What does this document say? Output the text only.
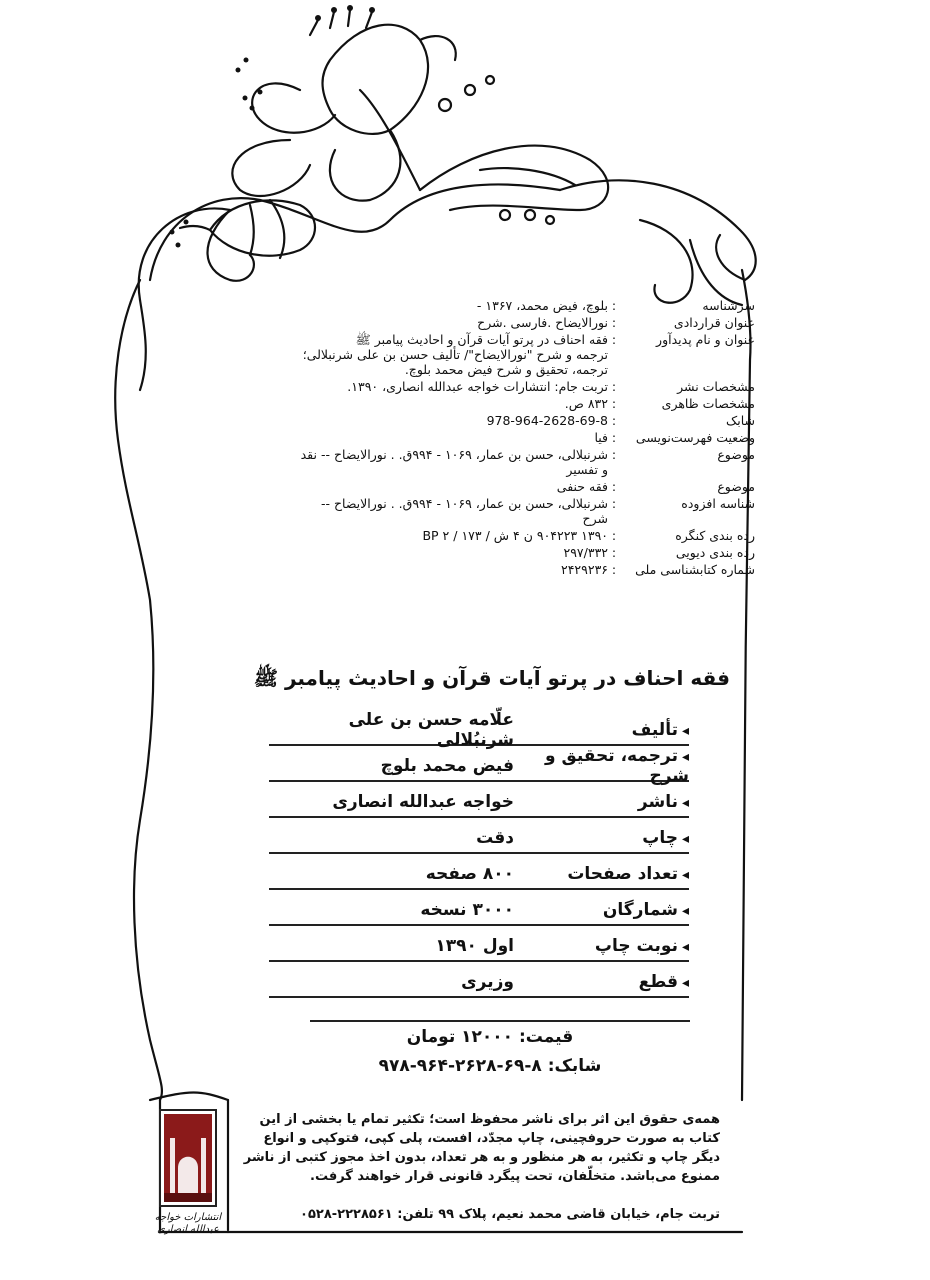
سرشناسه
:
بلوچ، فیض محمد، ۱۳۶۷ -
عنوان قراردادی
:
نورالایضاح .فارسی .شرح
عنوان و نام پدیدآور
:
فقه احناف در پرتو آیات قرآن و احادیث پیامبر ﷺ
ترجمه و شرح "نورالایضاح"/ تألیف حسن بن علی شرنبلالی؛
ترجمه، تحقیق و شرح فیض محمد بلوچ.
مشخصات نشر
:
تربت جام: انتشارات خواجه عبدالله انصاری، ۱۳۹۰.
مشخصات ظاهری
:
۸۳۲ ص.
شابک
:
978-964-2628-69-8
وضعیت فهرست‌نویسی
:
فیا
موضوع
:
شرنبلالی، حسن بن عمار، ۱۰۶۹ - ۹۹۴ق. . نورالایضاح -- نقد
و تفسیر
موضوع
:
فقه حنفی
شناسه افزوده
:
شرنبلالی، حسن بن عمار، ۱۰۶۹ - ۹۹۴ق. . نورالایضاح --
شرح
رده بندی کنگره
:
۱۳۹۰ ۹۰۴۲۲۳ ن ۴ ش / ۱۷۳ / BP ۲
رده بندی دیویی
:
۲۹۷/۳۳۲
شماره کتابشناسی ملی
:
۲۴۲۹۲۳۶
فقه احناف در پرتو آیات قرآن و احادیث پیامبر ﷺ
◂تألیف
علّامه حسن بن علی شرنبُلالی
◂ترجمه، تحقیق و شرح
فیض محمد بلوچ
◂ناشر
خواجه عبدالله انصاری
◂چاپ
دقت
◂تعداد صفحات
۸۰۰ صفحه
◂شمارگان
۳۰۰۰ نسخه
◂نوبت چاپ
اول ۱۳۹۰
◂قطع
وزیری
قیمت: ۱۲۰۰۰ تومان
شابک: ۸-۶۹-۲۶۲۸-۹۶۴-۹۷۸
همه‌ی حقوق این اثر برای ناشر محفوظ است؛ تکثیر تمام یا بخشی از این کتاب به صورت حروفچینی، چاپ مجدّد، افست، پلی کپی، فتوکپی و انواع دیگر چاپ و تکثیر، به هر منظور و به هر تعداد، بدون اخذ مجوز کتبی از ناشر ممنوع می‌باشد. متخلّفان، تحت پیگرد قانونی قرار خواهند گرفت.
تربت جام، خیابان قاضی محمد نعیم، پلاک ۹۹ تلفن: ۲۲۲۸۵۶۱-۰۵۲۸
انتشارات خواجه عبدالله انصاری
